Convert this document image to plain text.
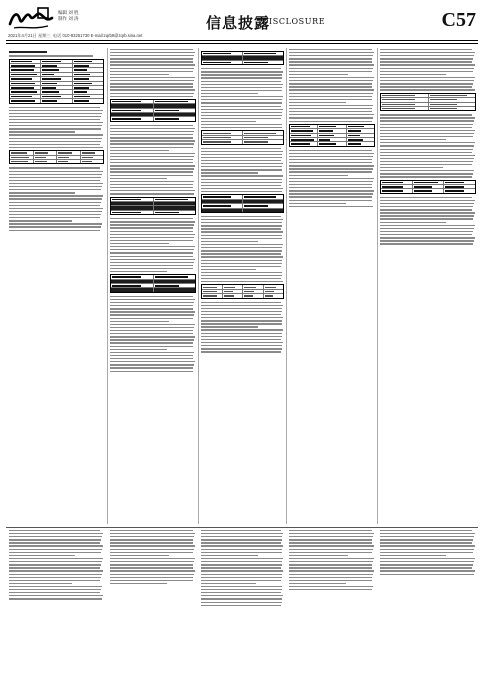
编辑 刘 胜
制作 刘 涛
2021年4月21日 星期三 电话 010-83251730 E-mail:zqrb9@zqrb.sina.net
信息披露
DISCLOSURE	C57
